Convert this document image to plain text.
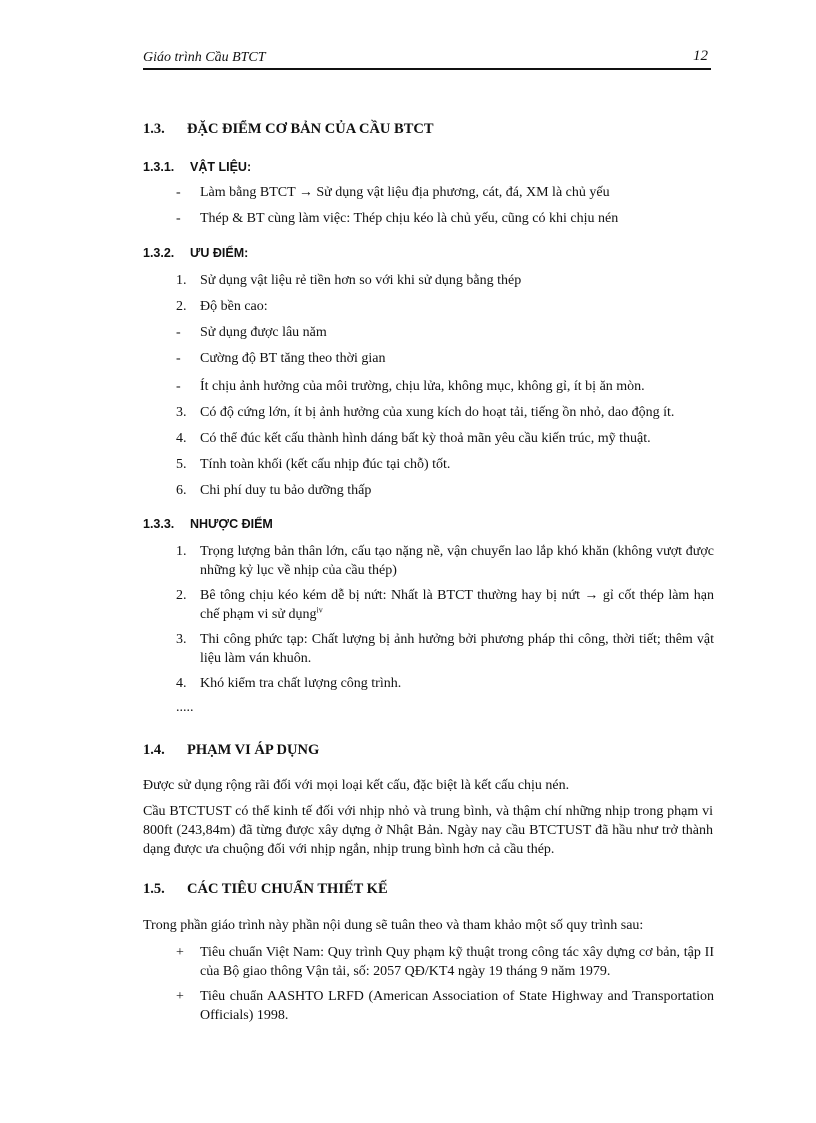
Giáo trình Cầu BTCT	12
1.3. ĐẶC ĐIỂM CƠ BẢN CỦA CẦU BTCT
1.3.1. VẬT LIỆU:
- Làm bằng BTCT → Sử dụng vật liệu địa phương, cát, đá, XM là chủ yếu
- Thép & BT cùng làm việc: Thép chịu kéo là chủ yếu, cũng có khi chịu nén
1.3.2. ƯU ĐIỂM:
1. Sử dụng vật liệu rẻ tiền hơn so với khi sử dụng bằng thép
2. Độ bền cao:
- Sử dụng được lâu năm
- Cường độ BT tăng theo thời gian
- Ít chịu ảnh hưởng của môi trường, chịu lửa, không mục, không gỉ, ít bị ăn mòn.
3. Có độ cứng lớn, ít bị ảnh hưởng của xung kích do hoạt tải, tiếng ồn nhỏ, dao động ít.
4. Có thể đúc kết cấu thành hình dáng bất kỳ thoả mãn yêu cầu kiến trúc, mỹ thuật.
5. Tính toàn khối (kết cấu nhịp đúc tại chỗ) tốt.
6. Chi phí duy tu bảo dưỡng thấp
1.3.3. NHƯỢC ĐIỂM
1. Trọng lượng bản thân lớn, cấu tạo nặng nề, vận chuyển lao lắp khó khăn (không vượt được những kỷ lục về nhịp của cầu thép)
2. Bê tông chịu kéo kém dễ bị nứt: Nhất là BTCT thường hay bị nứt → gỉ cốt thép làm hạn chế phạm vi sử dụng$^{iv}$
3. Thi công phức tạp: Chất lượng bị ảnh hưởng bởi phương pháp thi công, thời tiết; thêm vật liệu làm ván khuôn.
4. Khó kiểm tra chất lượng công trình.
.....
1.4. PHẠM VI ÁP DỤNG
Được sử dụng rộng rãi đối với mọi loại kết cấu, đặc biệt là kết cấu chịu nén.
Cầu BTCTUST có thể kinh tế đối với nhịp nhỏ và trung bình, và thậm chí những nhịp trong phạm vi 800ft (243,84m) đã từng được xây dựng ở Nhật Bản. Ngày nay cầu BTCTUST đã hầu như trở thành dạng được ưa chuộng đối với nhịp ngắn, nhịp trung bình hơn cả cầu thép.
1.5. CÁC TIÊU CHUẨN THIẾT KẾ
Trong phần giáo trình này phần nội dung sẽ tuân theo và tham khảo một số quy trình sau:
+ Tiêu chuẩn Việt Nam: Quy trình Quy phạm kỹ thuật trong công tác xây dựng cơ bản, tập II của Bộ giao thông Vận tải, số: 2057 QĐ/KT4 ngày 19 tháng 9 năm 1979.
+ Tiêu chuẩn AASHTO LRFD (American Association of State Highway and Transportation Officials) 1998.
